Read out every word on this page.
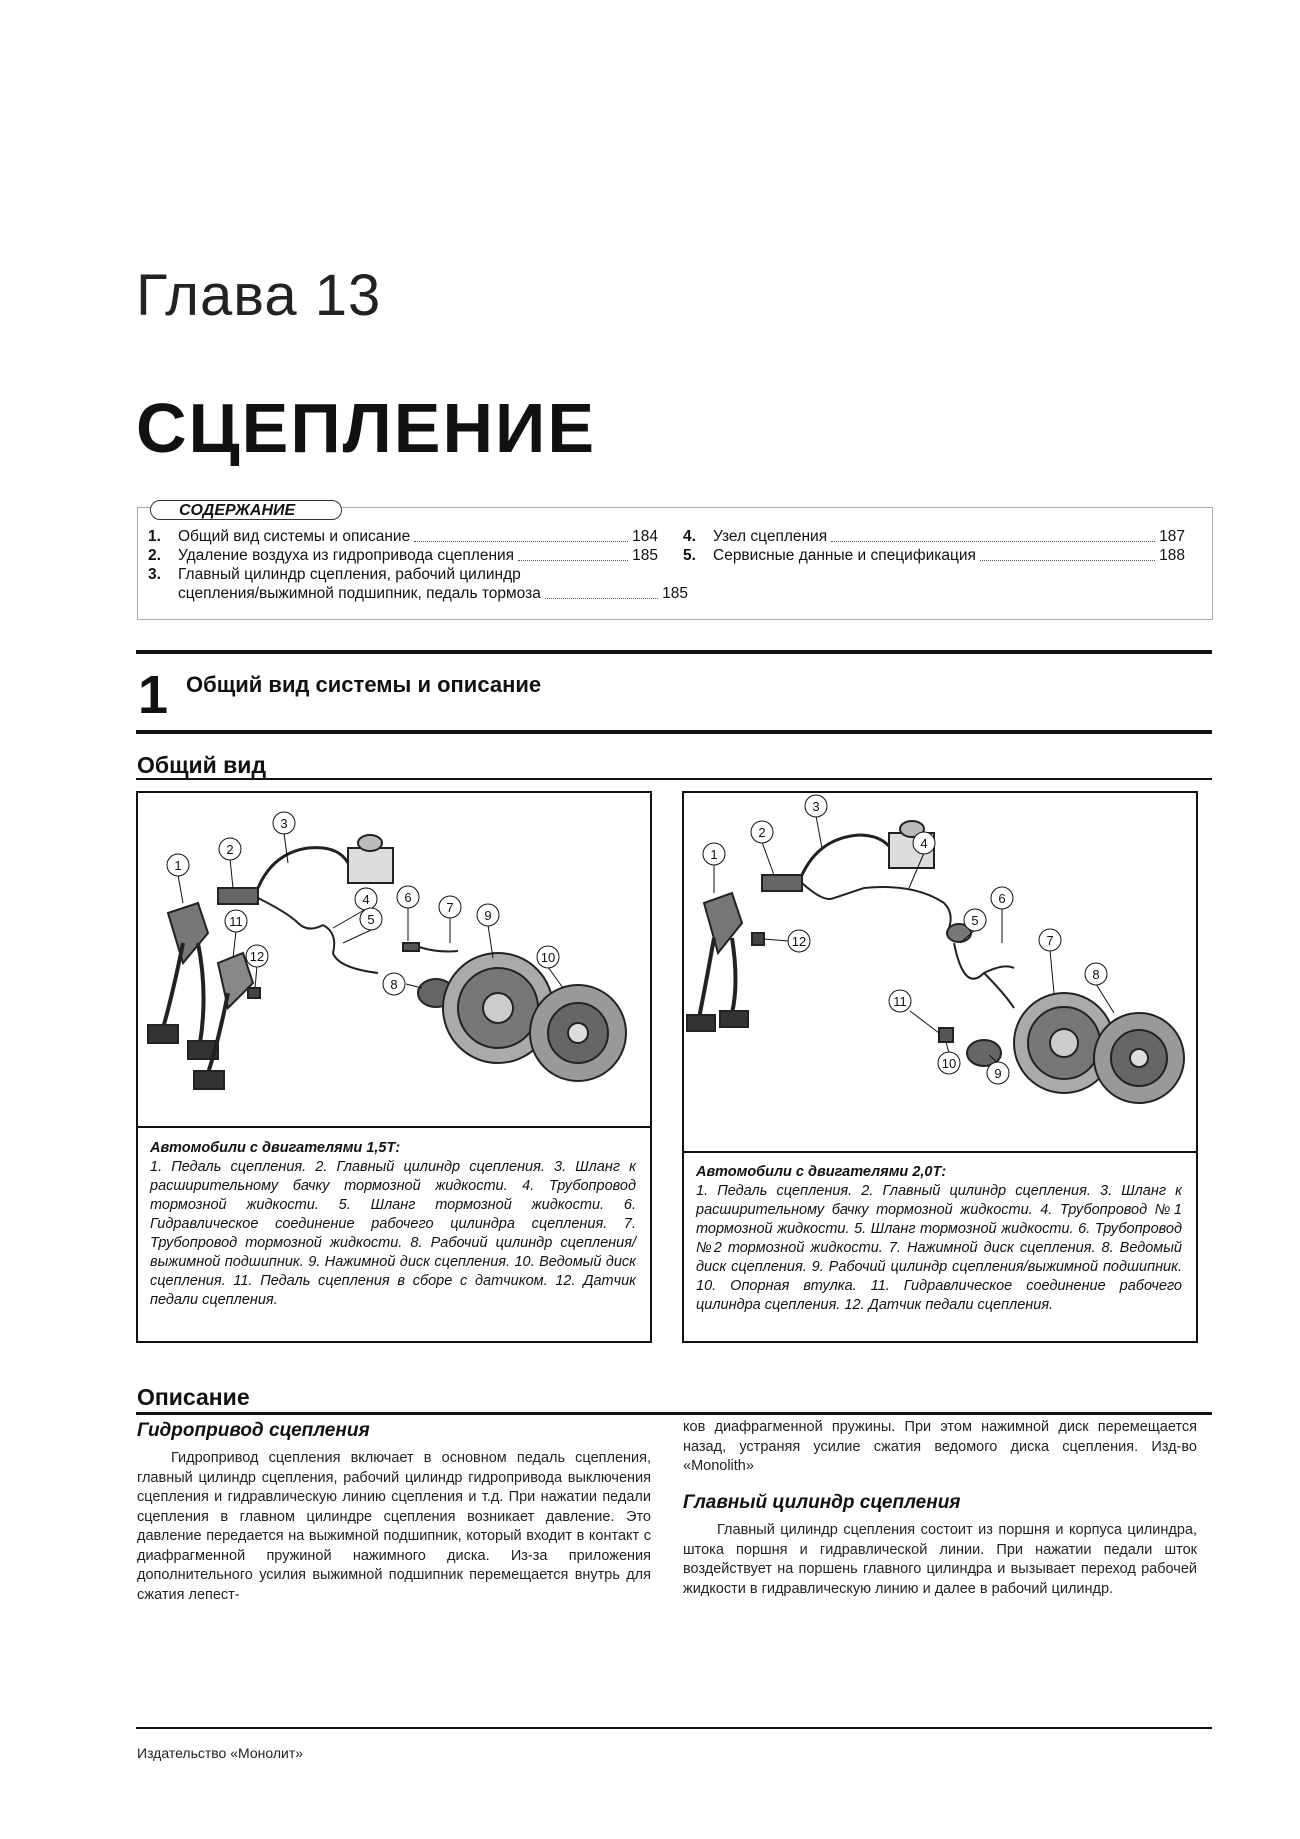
Глава 13
СЦЕПЛЕНИЕ
СОДЕРЖАНИЕ
1.	Общий вид системы и описание	184
2.	Удаление воздуха из гидропривода сцепления	185
3.	Главный цилиндр сцепления, рабочий цилиндр
сцепления/выжимной подшипник, педаль тормоза	185
4.	Узел сцепления	187
5.	Сервисные данные и спецификация	188
1 Общий вид системы и описание
Общий вид
1
2
3
4
5
6
7
8
9
10
11
12
Автомобили с двигателями 1,5Т:
1. Педаль сцепления. 2. Главный цилиндр сцепления. 3. Шланг к расширительному бачку тормозной жидкости. 4. Трубопровод тормозной жидкости. 5. Шланг тормозной жидкости. 6. Гидравлическое соединение рабочего цилиндра сцепления. 7. Трубопровод тормозной жидкости. 8. Рабочий цилиндр сцепления/выжимной подшипник. 9. Нажимной диск сцепления. 10. Ведомый диск сцепления. 11. Педаль сцепления в сборе с датчиком. 12. Датчик педали сцепления.
1
2
3
4
5
6
7
8
9
10
11
12
Автомобили с двигателями 2,0Т:
1. Педаль сцепления. 2. Главный цилиндр сцепления. 3. Шланг к расширительному бачку тормозной жидкости. 4. Трубопровод №1 тормозной жидкости. 5. Шланг тормозной жидкости. 6. Трубопровод №2 тормозной жидкости. 7. Нажимной диск сцепления. 8. Ведомый диск сцепления. 9. Рабочий цилиндр сцепления/выжимной подшипник. 10. Опорная втулка. 11. Гидравлическое соединение рабочего цилиндра сцепления. 12. Датчик педали сцепления.
Описание
Гидропривод сцепления
Гидропривод сцепления включает в основном педаль сцепления, главный цилиндр сцепления, рабочий цилиндр гидропривода выключения сцепления и гидравлическую линию сцепления и т.д. При нажатии педали сцепления в главном цилиндре сцепления возникает давление. Это давление передается на выжимной подшипник, который входит в контакт с диафрагменной пружиной нажимного диска. Из-за приложения дополнительного усилия выжимной подшипник перемещается внутрь для сжатия лепест-
ков диафрагменной пружины. При этом нажимной диск перемещается назад, устраняя усилие сжатия ведомого диска сцепления. Изд-во «Monolith»
Главный цилиндр сцепления
Главный цилиндр сцепления состоит из поршня и корпуса цилиндра, штока поршня и гидравлической линии. При нажатии педали шток воздействует на поршень главного цилиндра и вызывает переход рабочей жидкости в гидравлическую линию и далее в рабочий цилиндр.
Издательство «Монолит»
